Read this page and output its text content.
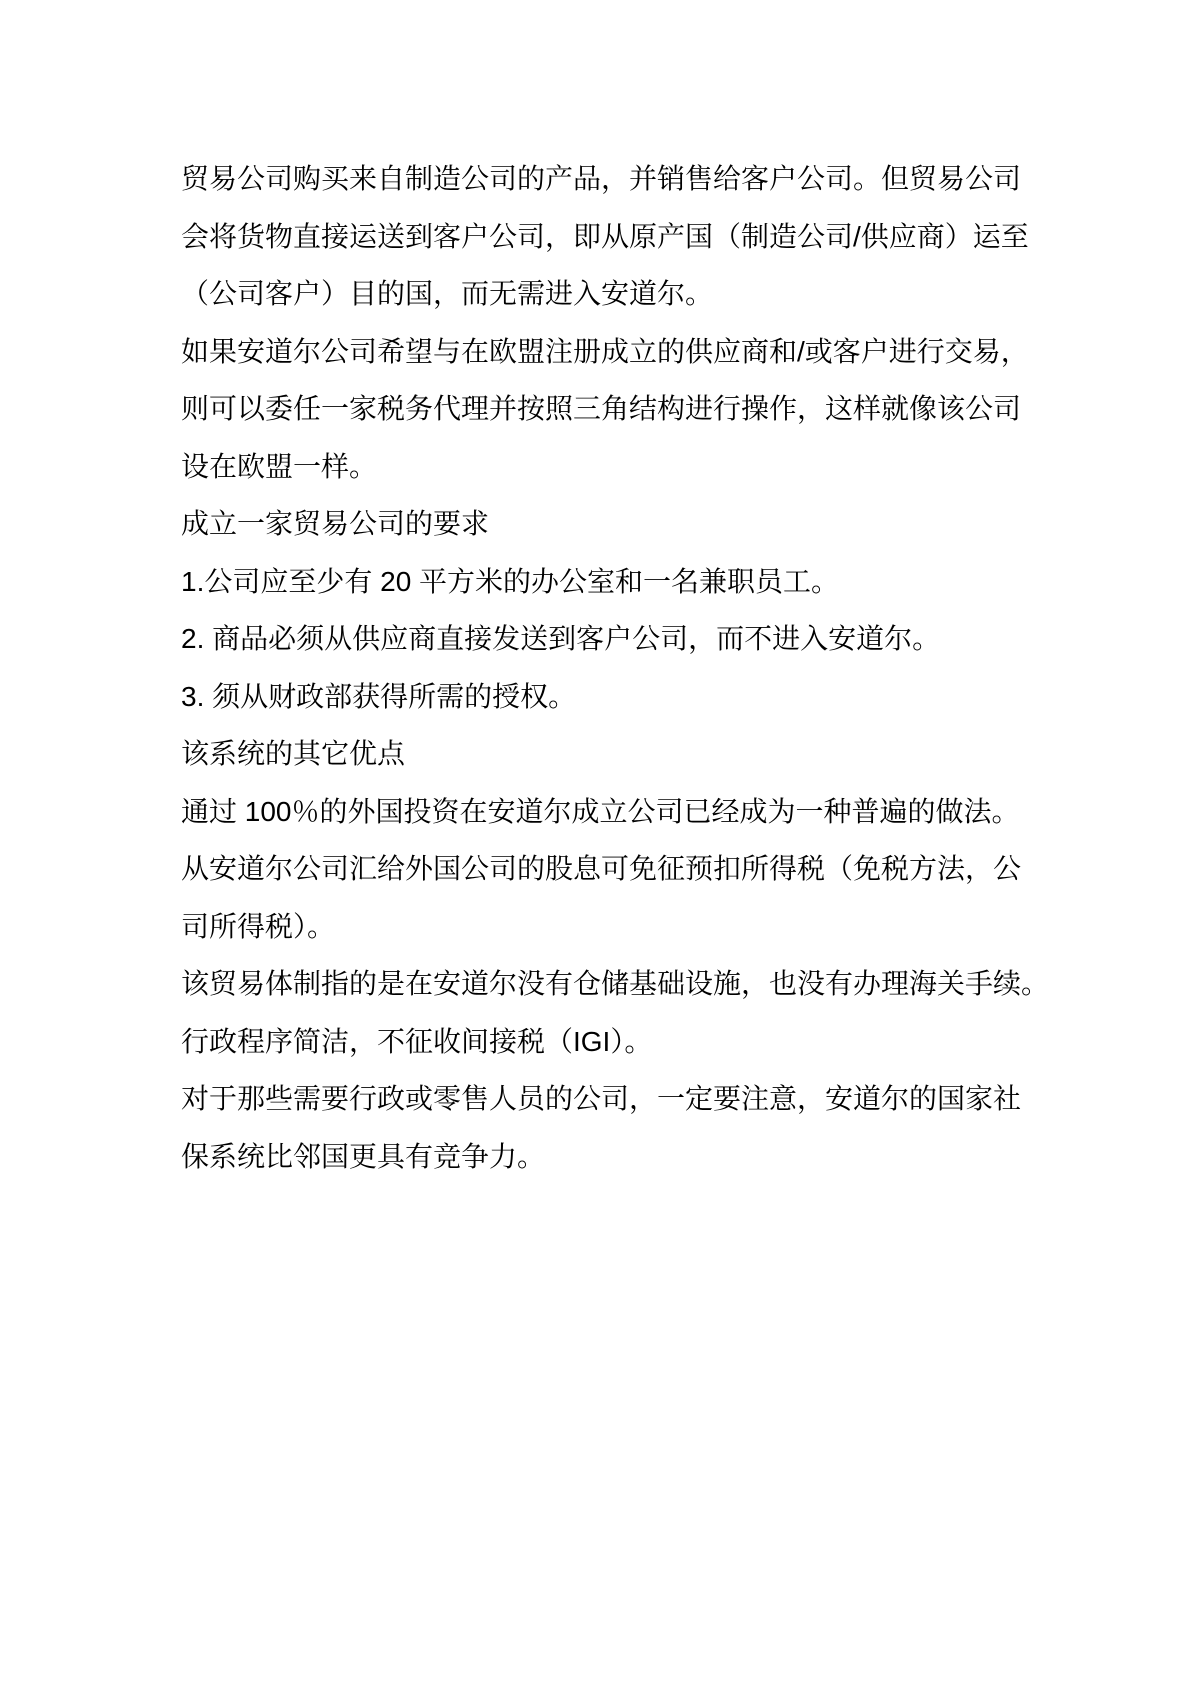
贸易公司购买来自制造公司的产品，并销售给客户公司。但贸易公司
会将货物直接运送到客户公司，即从原产国（制造公司/供应商）运至
（公司客户）目的国，而无需进入安道尔。
如果安道尔公司希望与在欧盟注册成立的供应商和/或客户进行交易，
则可以委任一家税务代理并按照三角结构进行操作，这样就像该公司
设在欧盟一样。
成立一家贸易公司的要求
1.公司应至少有 20 平方米的办公室和一名兼职员工。
2. 商品必须从供应商直接发送到客户公司，而不进入安道尔。
3. 须从财政部获得所需的授权。
该系统的其它优点
通过 100％的外国投资在安道尔成立公司已经成为一种普遍的做法。
从安道尔公司汇给外国公司的股息可免征预扣所得税（免税方法，公
司所得税）。
该贸易体制指的是在安道尔没有仓储基础设施，也没有办理海关手续。
行政程序简洁，不征收间接税（IGI）。
对于那些需要行政或零售人员的公司，一定要注意，安道尔的国家社
保系统比邻国更具有竞争力。
